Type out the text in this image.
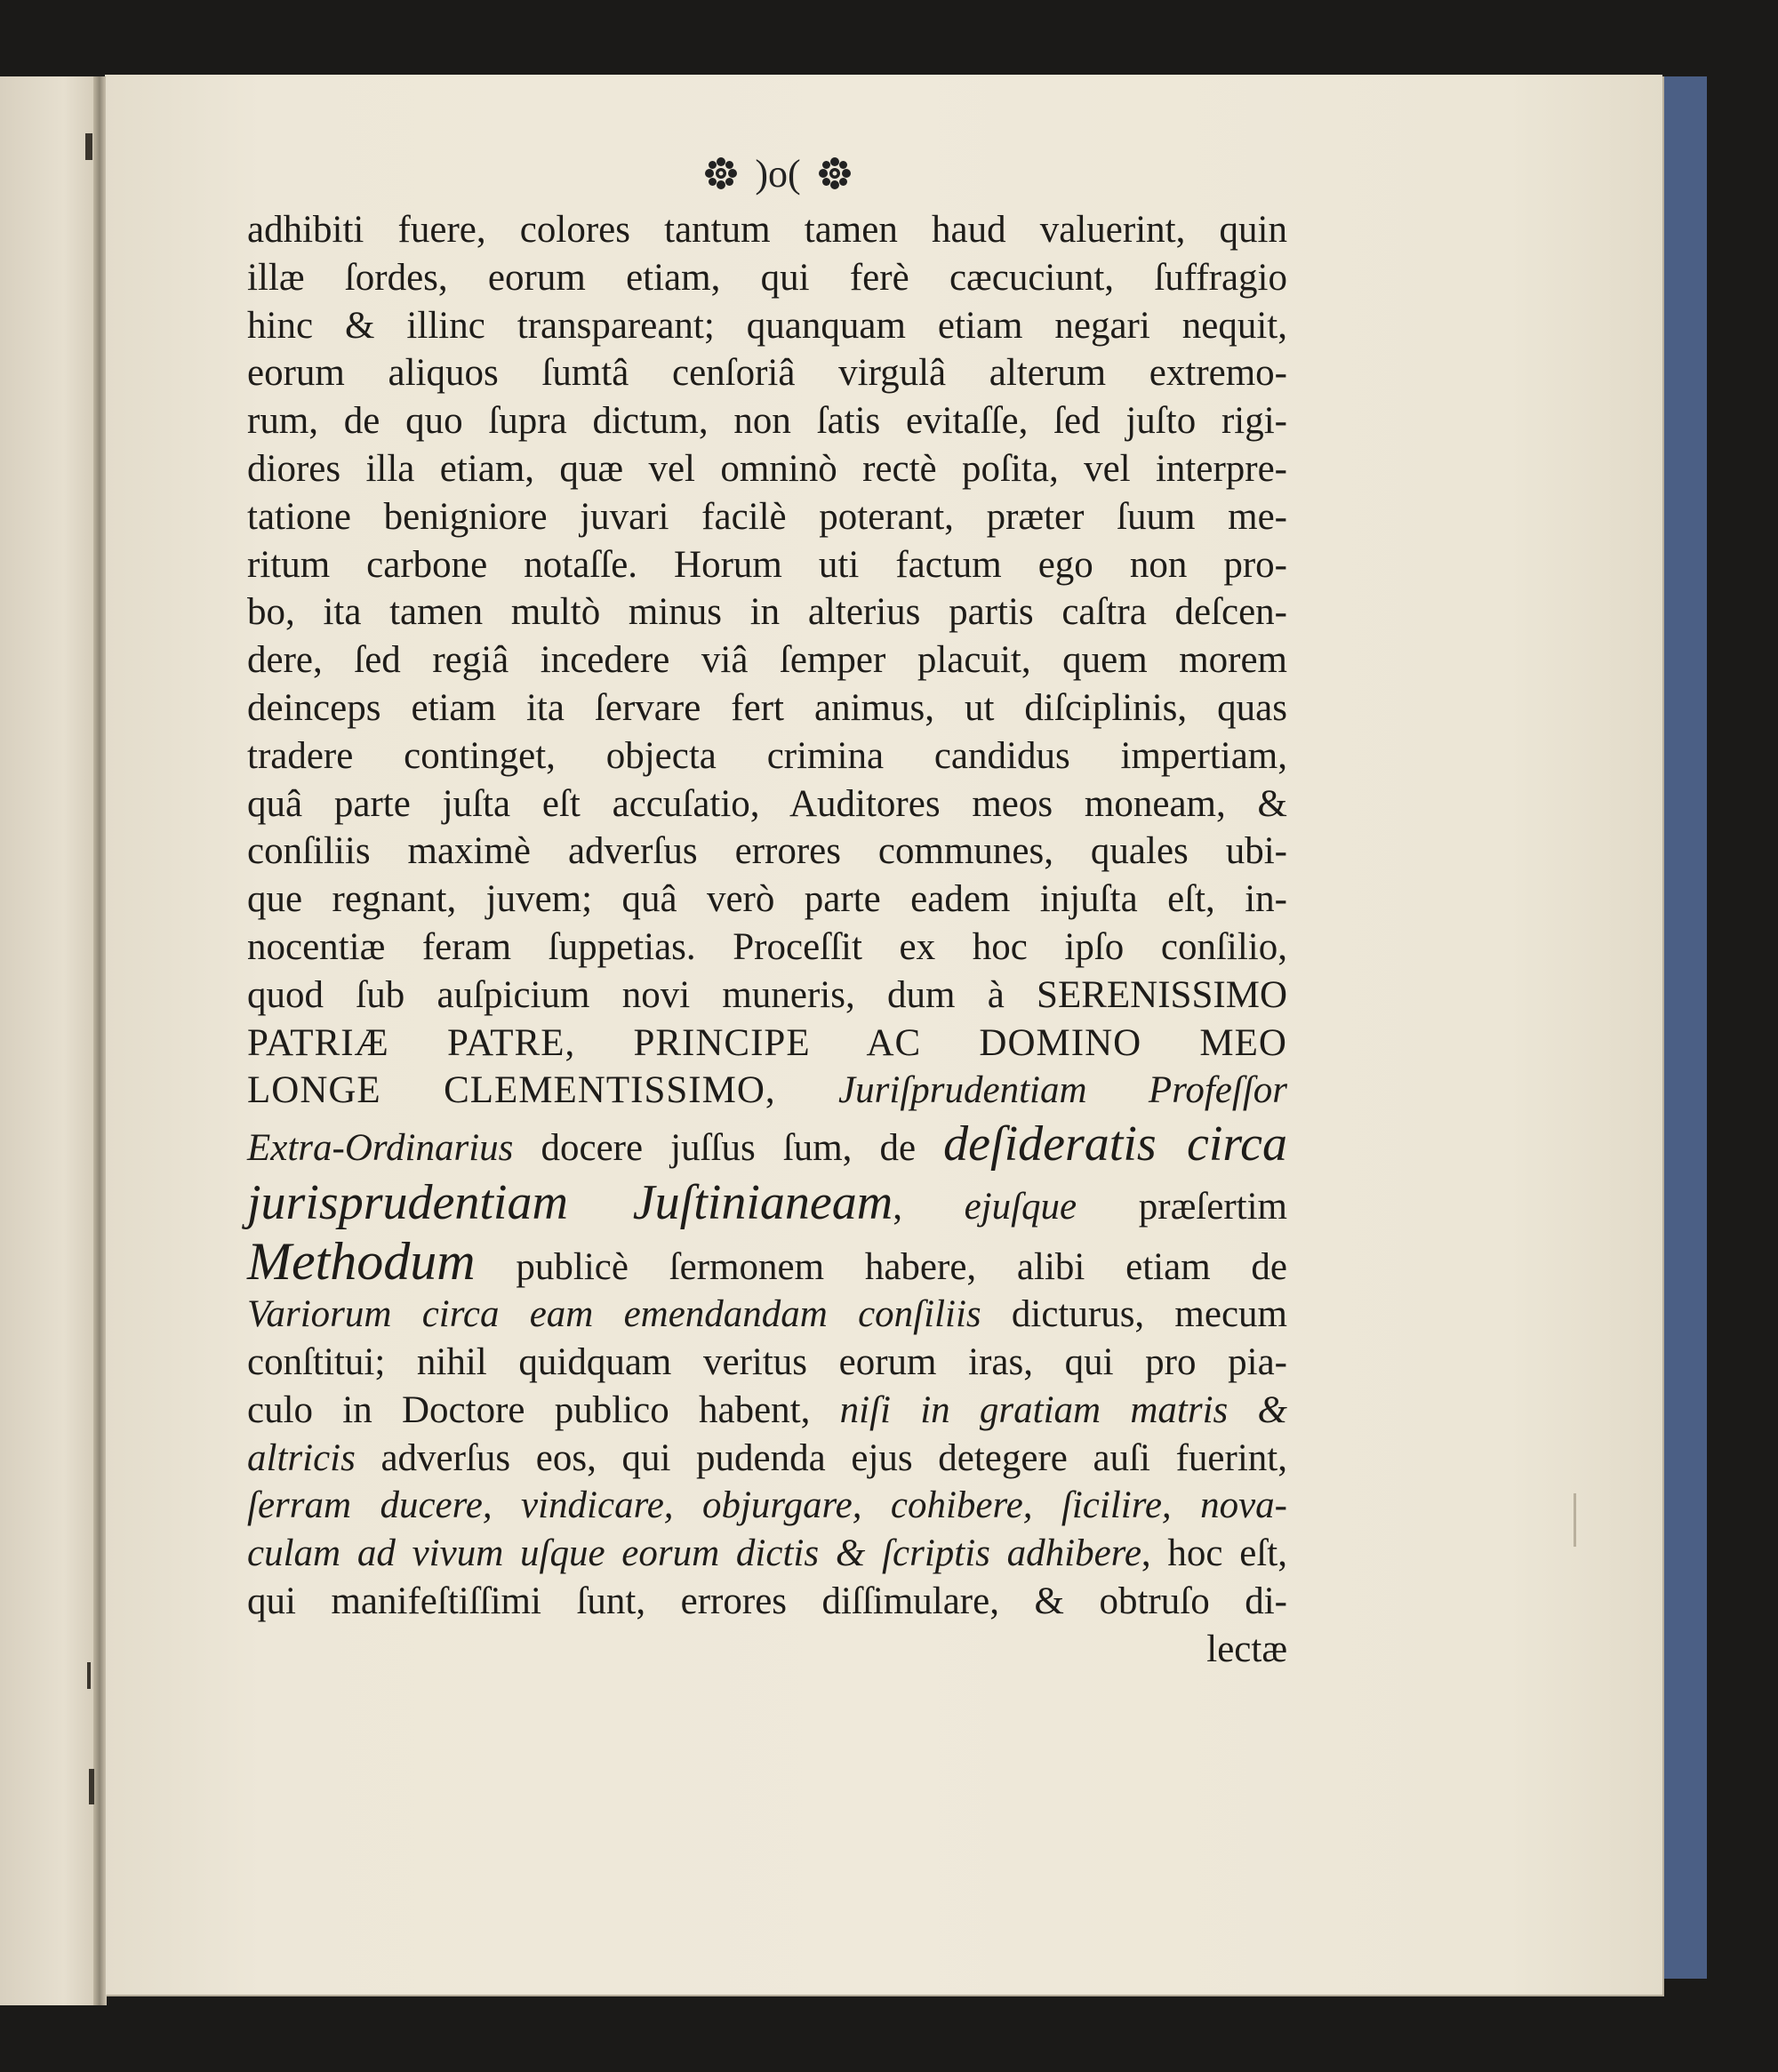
)o(
adhibiti fuere, colores tantum tamen haud valuerint, quin
illæ ſordes, eorum etiam, qui ferè cæcuciunt, ſuffragio
hinc & illinc transpareant; quanquam etiam negari nequit,
eorum aliquos ſumtâ cenſoriâ virgulâ alterum extremo-
rum, de quo ſupra dictum, non ſatis evitaſſe, ſed juſto rigi-
diores illa etiam, quæ vel omninò rectè poſita, vel interpre-
tatione benigniore juvari facilè poterant, præter ſuum me-
ritum carbone notaſſe. Horum uti factum ego non pro-
bo, ita tamen multò minus in alterius partis caſtra deſcen-
dere, ſed regiâ incedere viâ ſemper placuit, quem morem
deinceps etiam ita ſervare fert animus, ut diſciplinis, quas
tradere continget, objecta crimina candidus impertiam,
quâ parte juſta eſt accuſatio, Auditores meos moneam, &
conſiliis maximè adverſus errores communes, quales ubi-
que regnant, juvem; quâ verò parte eadem injuſta eſt, in-
nocentiæ feram ſuppetias. Proceſſit ex hoc ipſo conſilio,
quod ſub auſpicium novi muneris, dum à SERENISSIMO
PATRIÆ PATRE, PRINCIPE AC DOMINO MEO
LONGE CLEMENTISSIMO, Juriſprudentiam Profeſſor
Extra-Ordinarius docere juſſus ſum, de deſideratis circa
jurisprudentiam Juſtinianeam, ejuſque præſertim
Methodum publicè ſermonem habere, alibi etiam de
Variorum circa eam emendandam conſiliis dicturus, mecum
conſtitui; nihil quidquam veritus eorum iras, qui pro pia-
culo in Doctore publico habent, niſi in gratiam matris &
altricis adverſus eos, qui pudenda ejus detegere auſi fuerint,
ſerram ducere, vindicare, objurgare, cohibere, ſicilire, nova-
culam ad vivum uſque eorum dictis & ſcriptis adhibere, hoc eſt,
qui manifeſtiſſimi ſunt, errores diſſimulare, & obtruſo di-
lectæ
